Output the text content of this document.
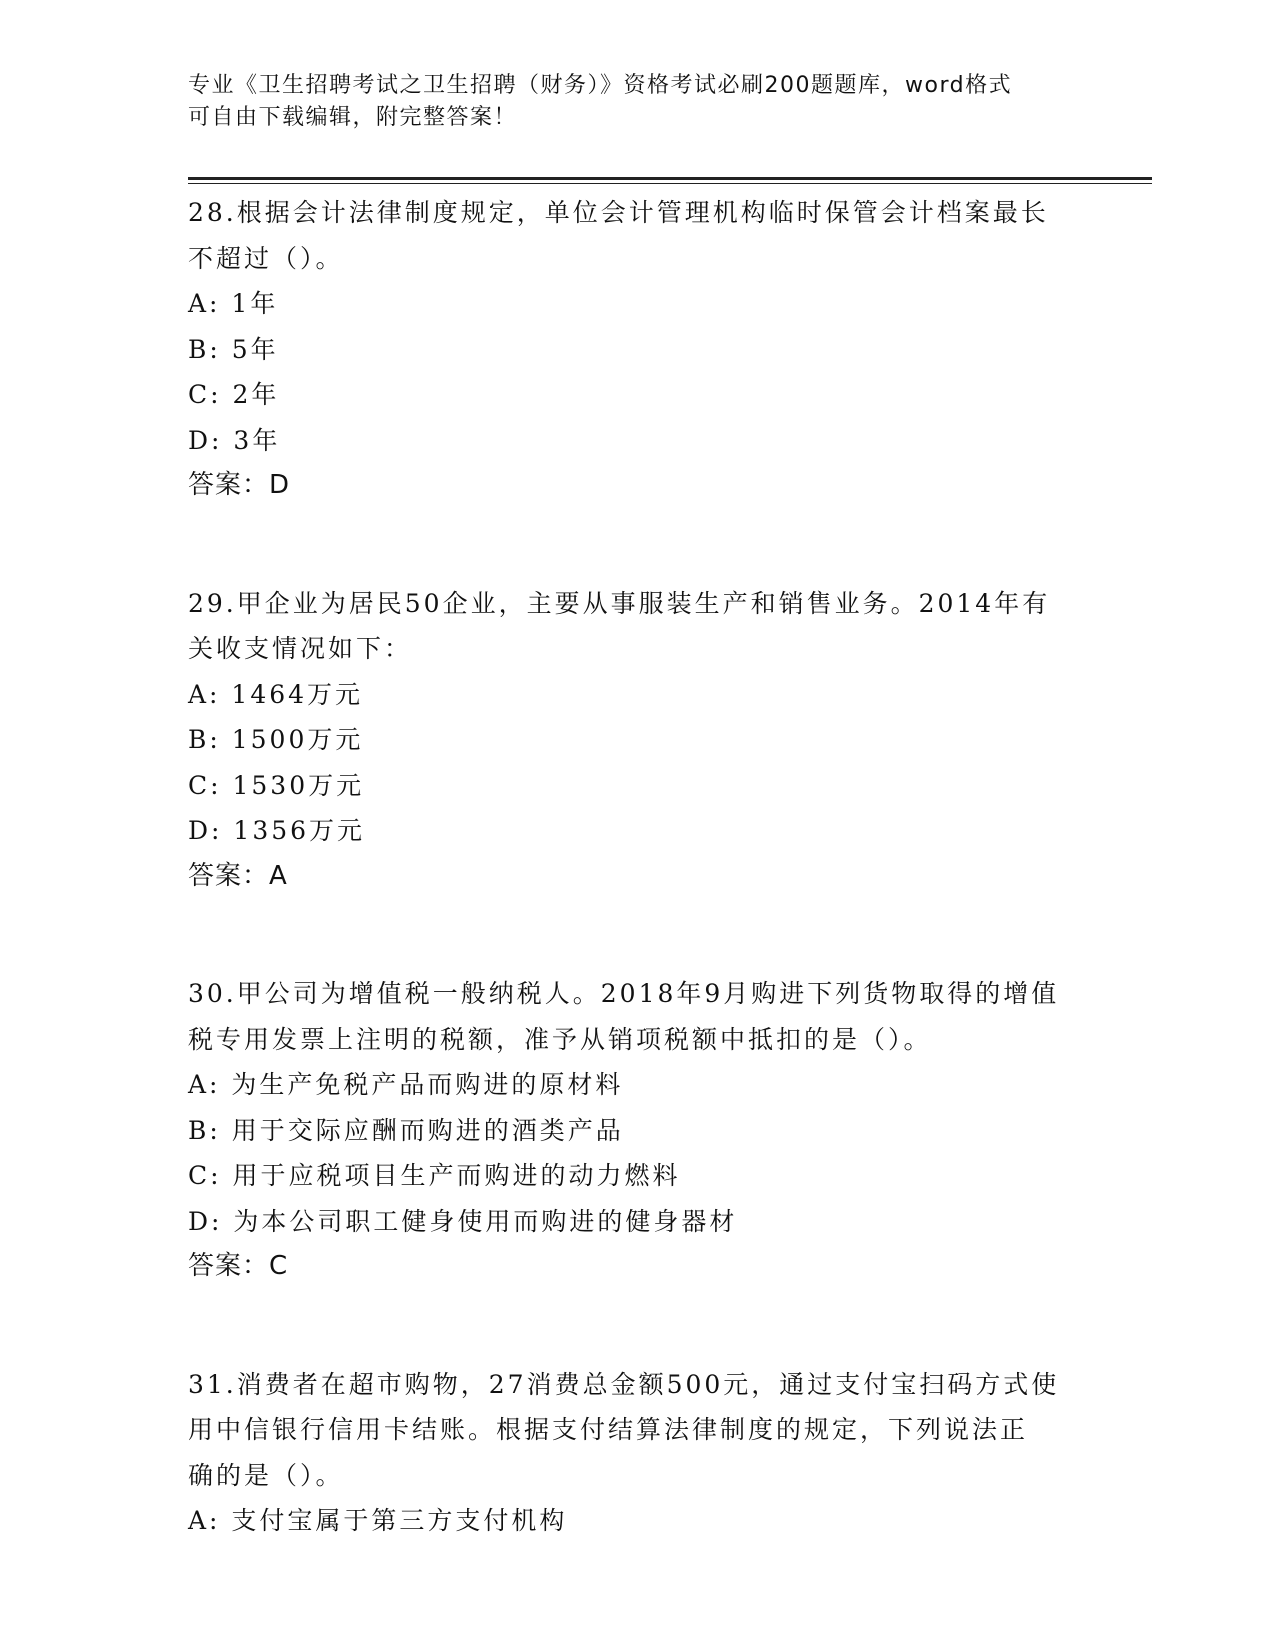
专业《卫生招聘考试之卫生招聘（财务）》资格考试必刷200题题库，word格式
可自由下载编辑，附完整答案！

28.根据会计法律制度规定，单位会计管理机构临时保管会计档案最长

不超过（）。

A: 1年

B: 5年

C: 2年

D: 3年

答案：D

29.甲企业为居民50企业，主要从事服装生产和销售业务。2014年有

关收支情况如下：

A: 1464万元

B: 1500万元

C: 1530万元

D: 1356万元

答案：A

30.甲公司为增值税一般纳税人。2018年9月购进下列货物取得的增值

税专用发票上注明的税额，准予从销项税额中抵扣的是（）。

A: 为生产免税产品而购进的原材料

B: 用于交际应酬而购进的酒类产品

C: 用于应税项目生产而购进的动力燃料

D: 为本公司职工健身使用而购进的健身器材

答案：C

31.消费者在超市购物，27消费总金额500元，通过支付宝扫码方式使

用中信银行信用卡结账。根据支付结算法律制度的规定，下列说法正

确的是（）。

A: 支付宝属于第三方支付机构
